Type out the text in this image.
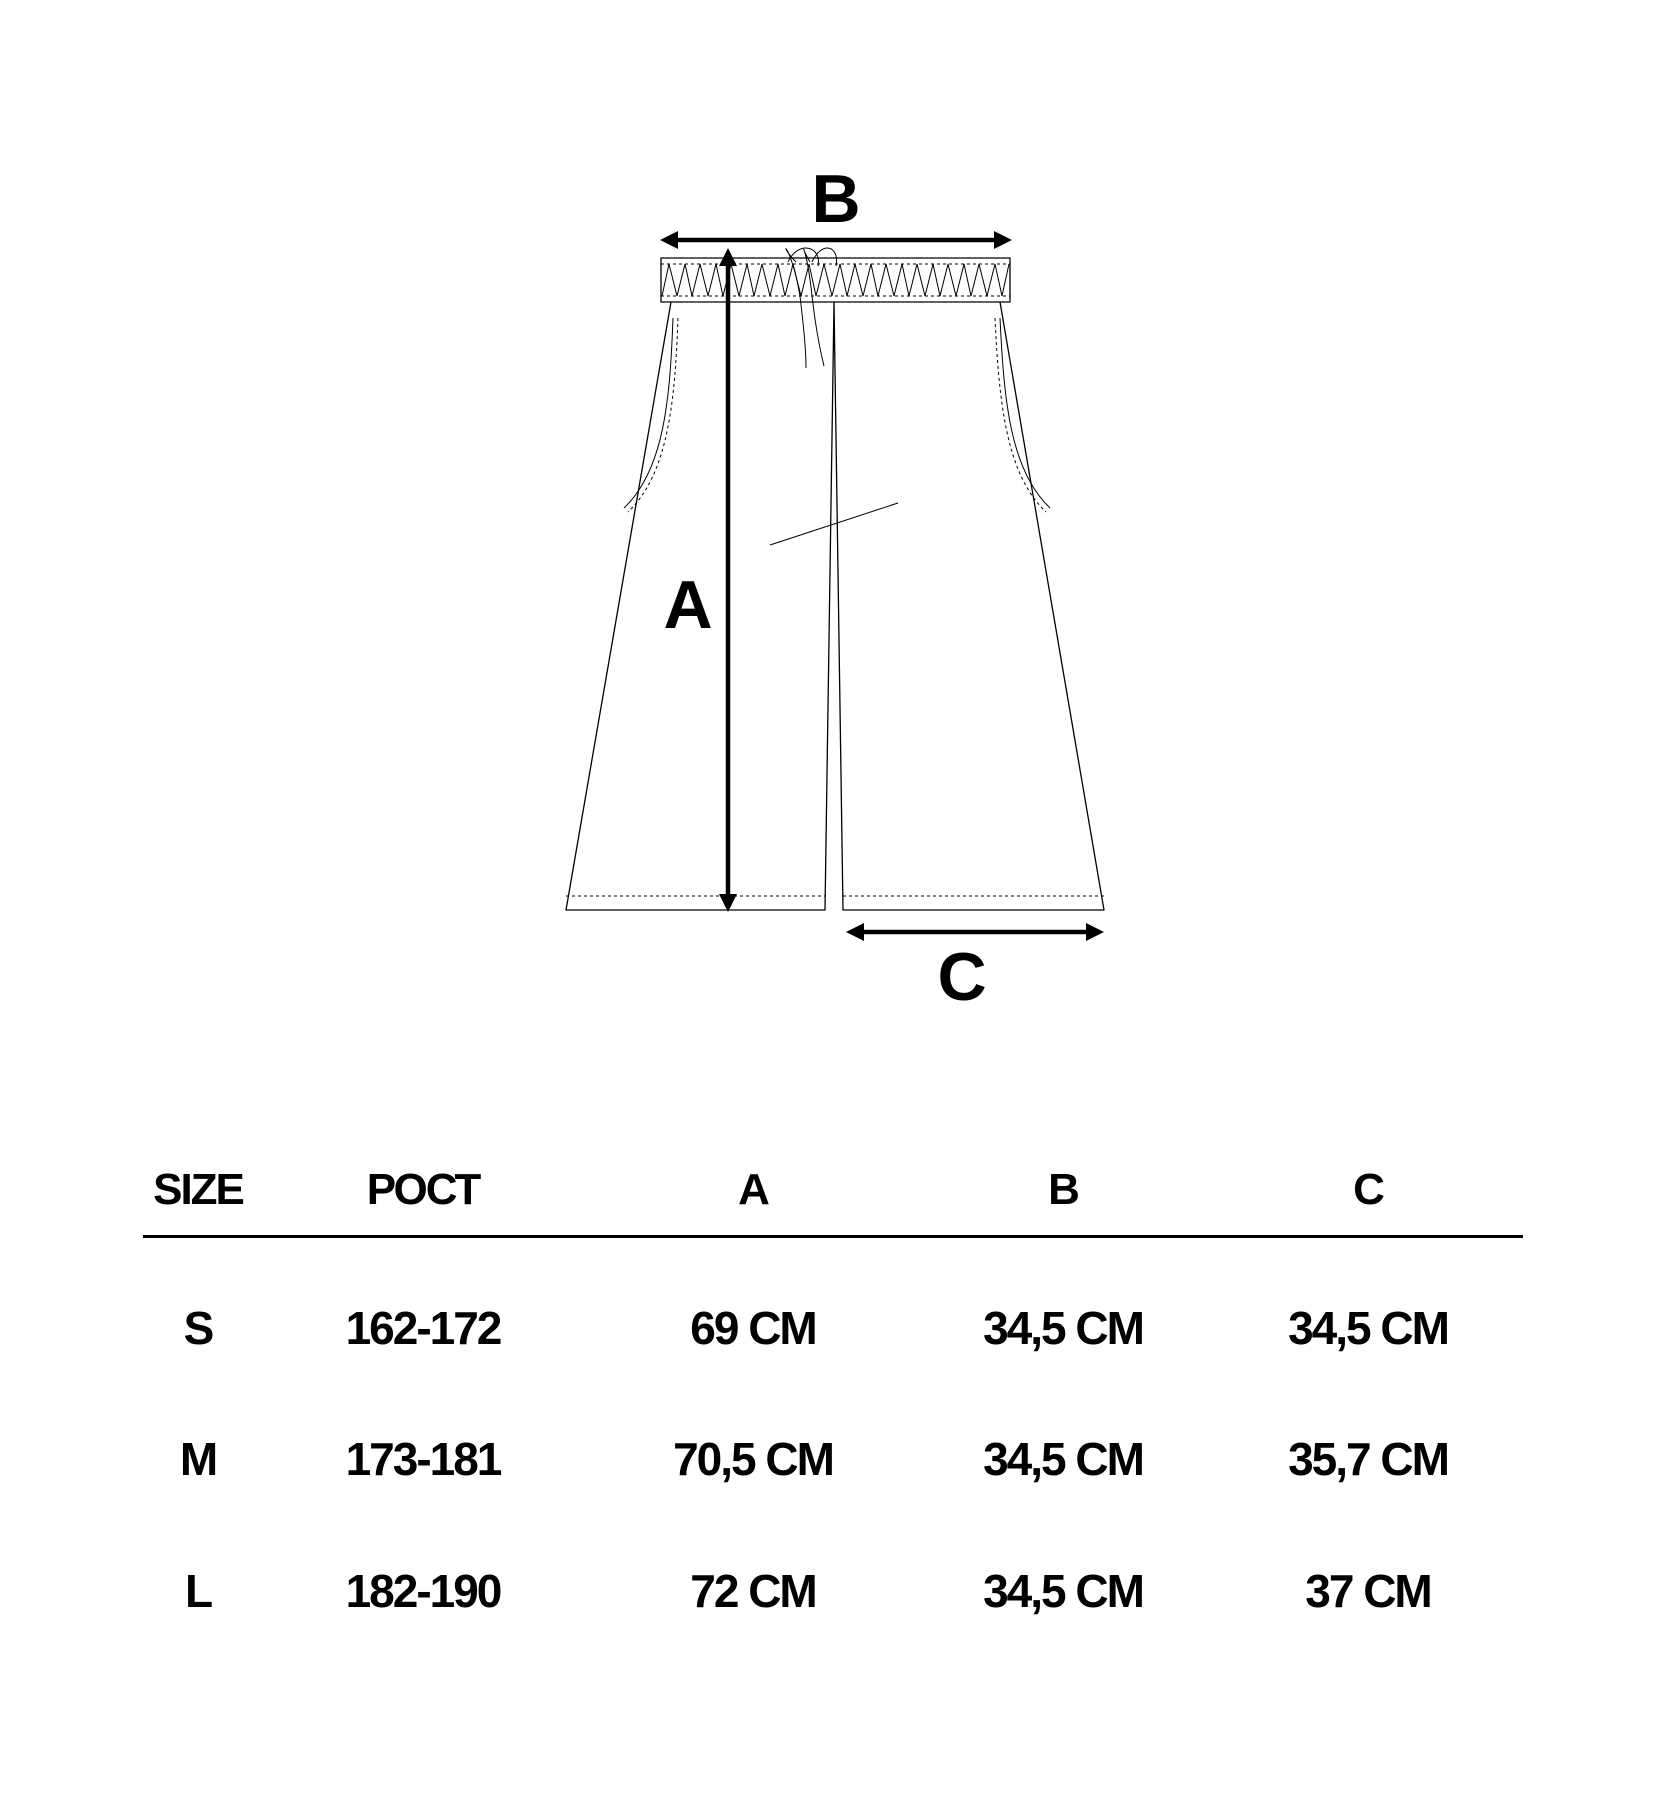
B
A
C
SIZE	РОСТ	A	B	C
S	162-172	69 CM	34,5 CM	34,5 CM
M	173-181	70,5 CM	34,5 CM	35,7 CM
L	182-190	72 CM	34,5 CM	37 CM
